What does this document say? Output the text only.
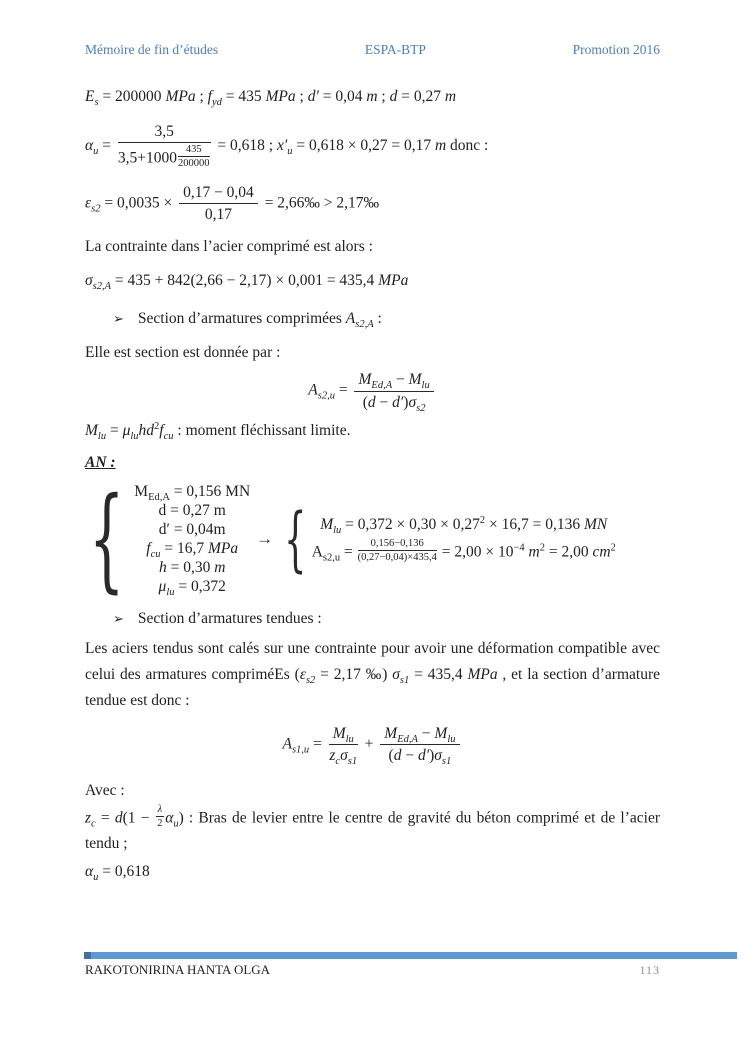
Mémoire de fin d’études	ESPA-BTP	Promotion 2016
$E_s = 200000$ MPa ; $f_{yd} = 435$ MPa ; d′ = 0,04 m ; d = 0,27 m
$\alpha_u = \frac{3,5}{3,5+1000 \frac{435}{200000}} = 0,618$ ; $x'_u = 0,618 \times 0,27 = 0,17$ m donc :
$\varepsilon_{s2} = 0,0035 \times \frac{0,17 - 0,04}{0,17}$ = 2,66‰ > 2,17‰

La contrainte dans l’acier comprimé est alors :

$\sigma_{s2,A} = 435 + 842(2,66 - 2,17) \times 0,001 = 435,4$ MPa
➢ Section d’armatures comprimées $A_{s2,A}$ :

Elle est section est donnée par :

$A_{s2,u} = \frac{M_{Ed,A} - M_{lu}}{(d - d')\sigma_{s2}}$
$M_{lu} = \mu_{lu}hd^2f_{cu}$ : moment fléchissant limite.

AN :

{ $M_{Ed,A} = 0,156$ MN
d = 0,27 m
d′ = 0,04m
$f_{cu} = 16,7$ MPa
h = 0,30 m
$\mu_{lu} = 0,372$
→ { $M_{lu} = 0,372 \times 0,30 \times 0,27^2 \times 16,7 = 0,136$ MN
$A_{s2,u} = \frac{0,156-0,136}{(0,27-0,04)\times 435,4} = 2,00 \times 10^{-4}$ $m^2 = 2,00$ $cm^2$
➢ Section d’armatures tendues :

Les aciers tendus sont calés sur une contrainte pour avoir une déformation compatible avec celui des armatures compriméEs ($\varepsilon_{s2} = 2,17$ ‰) $\sigma_{s1} = 435,4$ MPa , et la section d’armature tendue est donc :

$A_{s1,u} = \frac{M_{lu}}{z_c\sigma_{s1}} + \frac{M_{Ed,A} - M_{lu}}{(d - d')\sigma_{s1}}$

Avec :

$z_c = d(1 - \frac{\lambda}{2} \alpha_u)$ : Bras de levier entre le centre de gravité du béton comprimé et de l’acier tendu ;

$\alpha_u = 0,618$
RAKOTONIRINA HANTA OLGA	113
